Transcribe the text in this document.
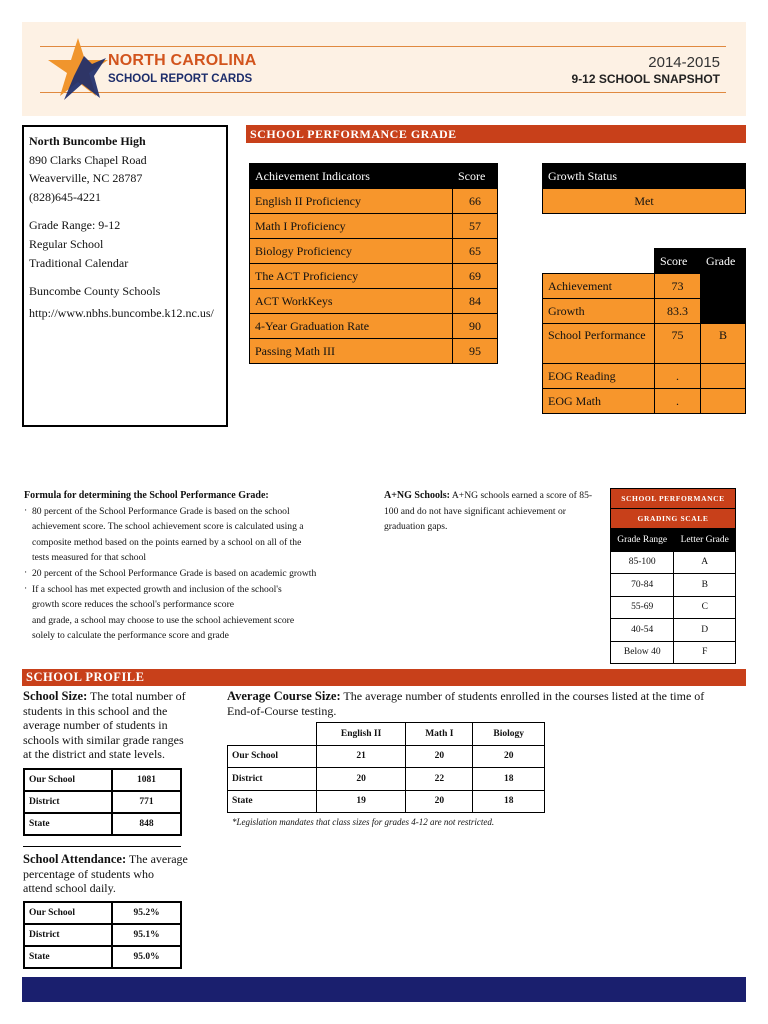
NORTH CAROLINA
SCHOOL REPORT CARDS
2014-2015
9-12 SCHOOL SNAPSHOT
North Buncombe High
890 Clarks Chapel Road
Weaverville, NC 28787
(828)645-4221
Grade Range: 9-12
Regular School
Traditional Calendar
Buncombe County Schools
http://www.nbhs.buncombe.k12.nc.us/
SCHOOL PERFORMANCE GRADE
Achievement Indicators	Score
English II Proficiency	66
Math I Proficiency	57
Biology Proficiency	65
The ACT Proficiency	69
ACT WorkKeys	84
4-Year Graduation Rate	90
Passing Math III	95
Growth Status
Met
	Score	Grade
Achievement	73	
Growth	83.3	
School Performance	75	B
EOG Reading	.	
EOG Math	.	
Formula for determining the School Performance Grade:
· 80 percent of the School Performance Grade is based on the school
achievement score. The school achievement score is calculated using a
composite method based on the points earned by a school on all of the
tests measured for that school
· 20 percent of the School Performance Grade is based on academic growth
· If a school has met expected growth and inclusion of the school's
growth score reduces the school's performance score
and grade, a school may choose to use the school achievement score
solely to calculate the performance score and grade
A+NG Schools: A+NG schools earned a score of 85-100 and do not have significant achievement or graduation gaps.
SCHOOL PERFORMANCE	
GRADING SCALE	
Grade Range	Letter Grade
85-100	A
70-84	B
55-69	C
40-54	D
Below 40	F
SCHOOL PROFILE
School Size: The total number of
students in this school and the
average number of students in
schools with similar grade ranges
at the district and state levels.
Our School	1081
District	771
State	848
School Attendance: The average
percentage of students who
attend school daily.
Our School	95.2%
District	95.1%
State	95.0%
Average Course Size: The average number of students enrolled in the courses listed at the time of
End-of-Course testing.
	English II	Math I	Biology
Our School	21	20	20
District	20	22	18
State	19	20	18
*Legislation mandates that class sizes for grades 4-12 are not restricted.
